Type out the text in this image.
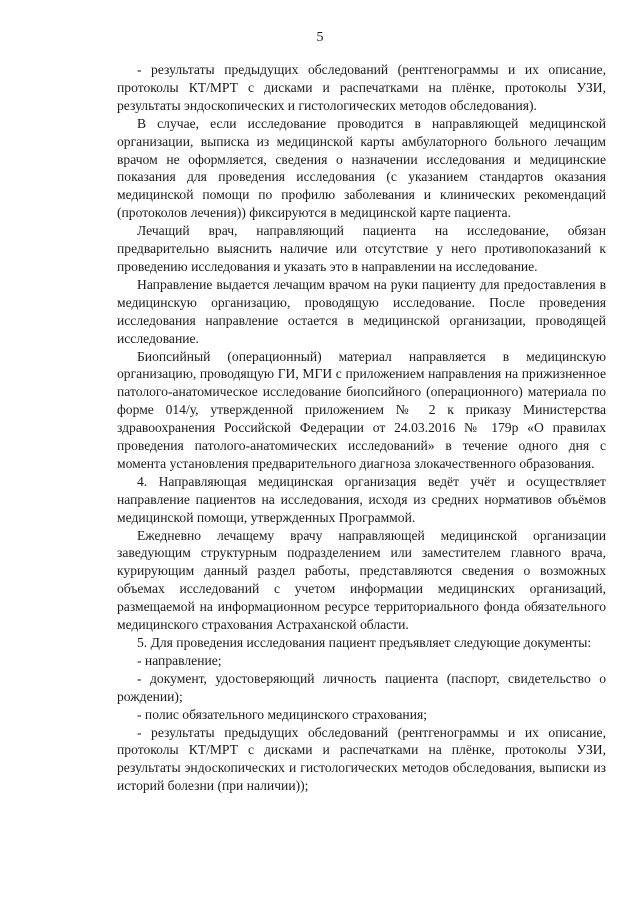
5

- результаты предыдущих обследований (рентгенограммы и их описание, протоколы КТ/МРТ с дисками и распечатками на плёнке, протоколы УЗИ, результаты эндоскопических и гистологических методов обследования).

В случае, если исследование проводится в направляющей медицинской организации, выписка из медицинской карты амбулаторного больного лечащим врачом не оформляется, сведения о назначении исследования и медицинские показания для проведения исследования (с указанием стандартов оказания медицинской помощи по профилю заболевания и клинических рекомендаций (протоколов лечения)) фиксируются в медицинской карте пациента.

Лечащий врач, направляющий пациента на исследование, обязан предварительно выяснить наличие или отсутствие у него противопоказаний к проведению исследования и указать это в направлении на исследование.

Направление выдается лечащим врачом на руки пациенту для предоставления в медицинскую организацию, проводящую исследование. После проведения исследования направление остается в медицинской организации, проводящей исследование.

Биопсийный (операционный) материал направляется в медицинскую организацию, проводящую ГИ, МГИ с приложением направления на прижизненное патолого-анатомическое исследование биопсийного (операционного) материала по форме 014/у, утвержденной приложением № 2 к приказу Министерства здравоохранения Российской Федерации от 24.03.2016 № 179р «О правилах проведения патолого-анатомических исследований» в течение одного дня с момента установления предварительного диагноза злокачественного образования.

4. Направляющая медицинская организация ведёт учёт и осуществляет направление пациентов на исследования, исходя из средних нормативов объёмов медицинской помощи, утвержденных Программой.

Ежедневно лечащему врачу направляющей медицинской организации заведующим структурным подразделением или заместителем главного врача, курирующим данный раздел работы, представляются сведения о возможных объемах исследований с учетом информации медицинских организаций, размещаемой на информационном ресурсе территориального фонда обязательного медицинского страхования Астраханской области.

5. Для проведения исследования пациент предъявляет следующие документы:

- направление;

- документ, удостоверяющий личность пациента (паспорт, свидетельство о рождении);

- полис обязательного медицинского страхования;

- результаты предыдущих обследований (рентгенограммы и их описание, протоколы КТ/МРТ с дисками и распечатками на плёнке, протоколы УЗИ, результаты эндоскопических и гистологических методов обследования, выписки из историй болезни (при наличии));
